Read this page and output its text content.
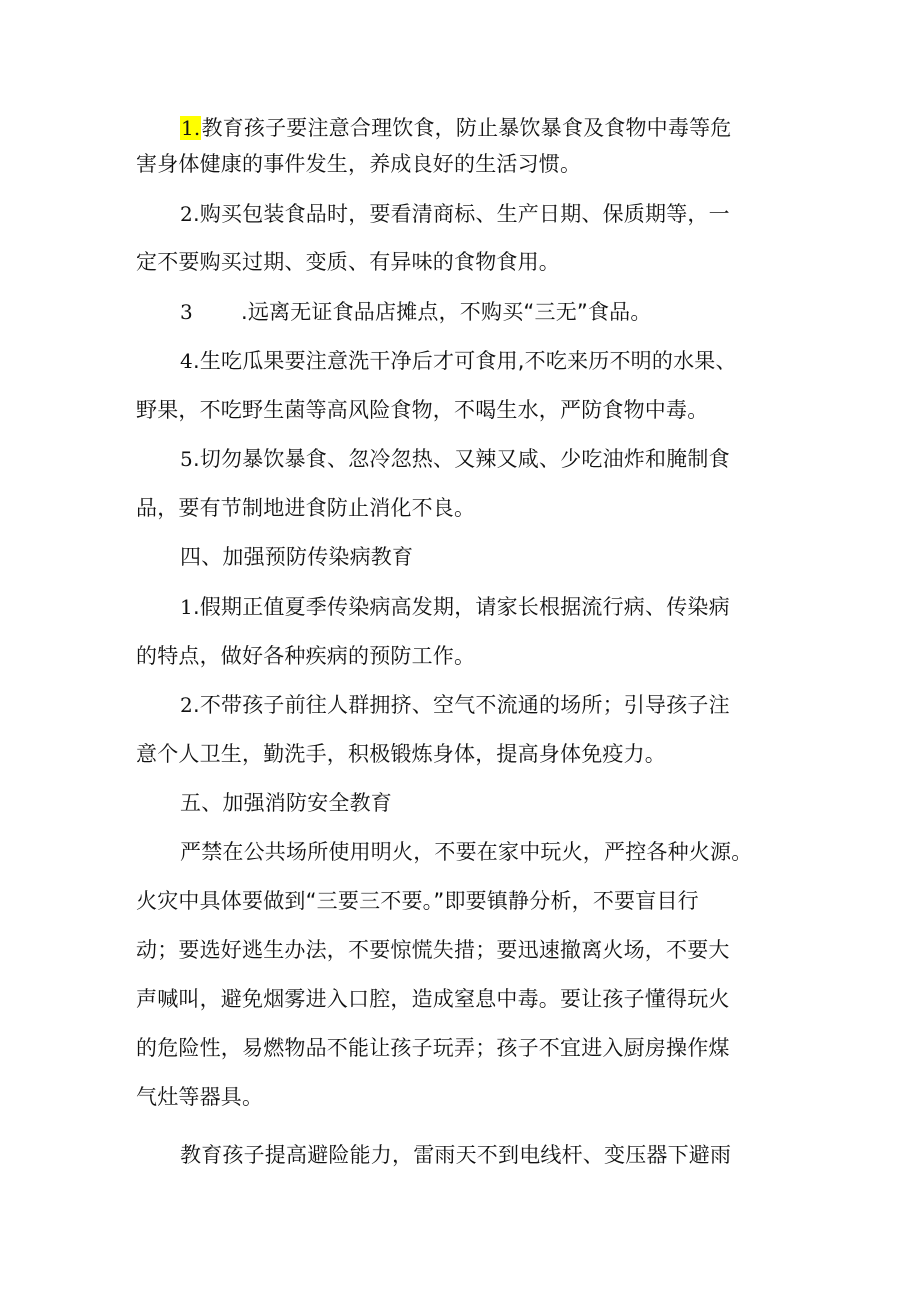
1.教育孩子要注意合理饮食，防止暴饮暴食及食物中毒等危
害身体健康的事件发生，养成良好的生活习惯。
2.购买包装食品时，要看清商标、生产日期、保质期等，一
定不要购买过期、变质、有异味的食物食用。
3 .远离无证食品店摊点，不购买“三无”食品。
4.生吃瓜果要注意洗干净后才可食用,不吃来历不明的水果、
野果，不吃野生菌等高风险食物，不喝生水，严防食物中毒。
5.切勿暴饮暴食、忽冷忽热、又辣又咸、少吃油炸和腌制食
品，要有节制地进食防止消化不良。
四、加强预防传染病教育
1.假期正值夏季传染病高发期，请家长根据流行病、传染病
的特点，做好各种疾病的预防工作。
2.不带孩子前往人群拥挤、空气不流通的场所；引导孩子注
意个人卫生，勤洗手，积极锻炼身体，提高身体免疫力。
五、加强消防安全教育
严禁在公共场所使用明火，不要在家中玩火，严控各种火源。
火灾中具体要做到“三要三不要。”即要镇静分析，不要盲目行
动；要选好逃生办法，不要惊慌失措；要迅速撤离火场，不要大
声喊叫，避免烟雾进入口腔，造成窒息中毒。要让孩子懂得玩火
的危险性，易燃物品不能让孩子玩弄；孩子不宜进入厨房操作煤
气灶等器具。
教育孩子提高避险能力，雷雨天不到电线杆、变压器下避雨
